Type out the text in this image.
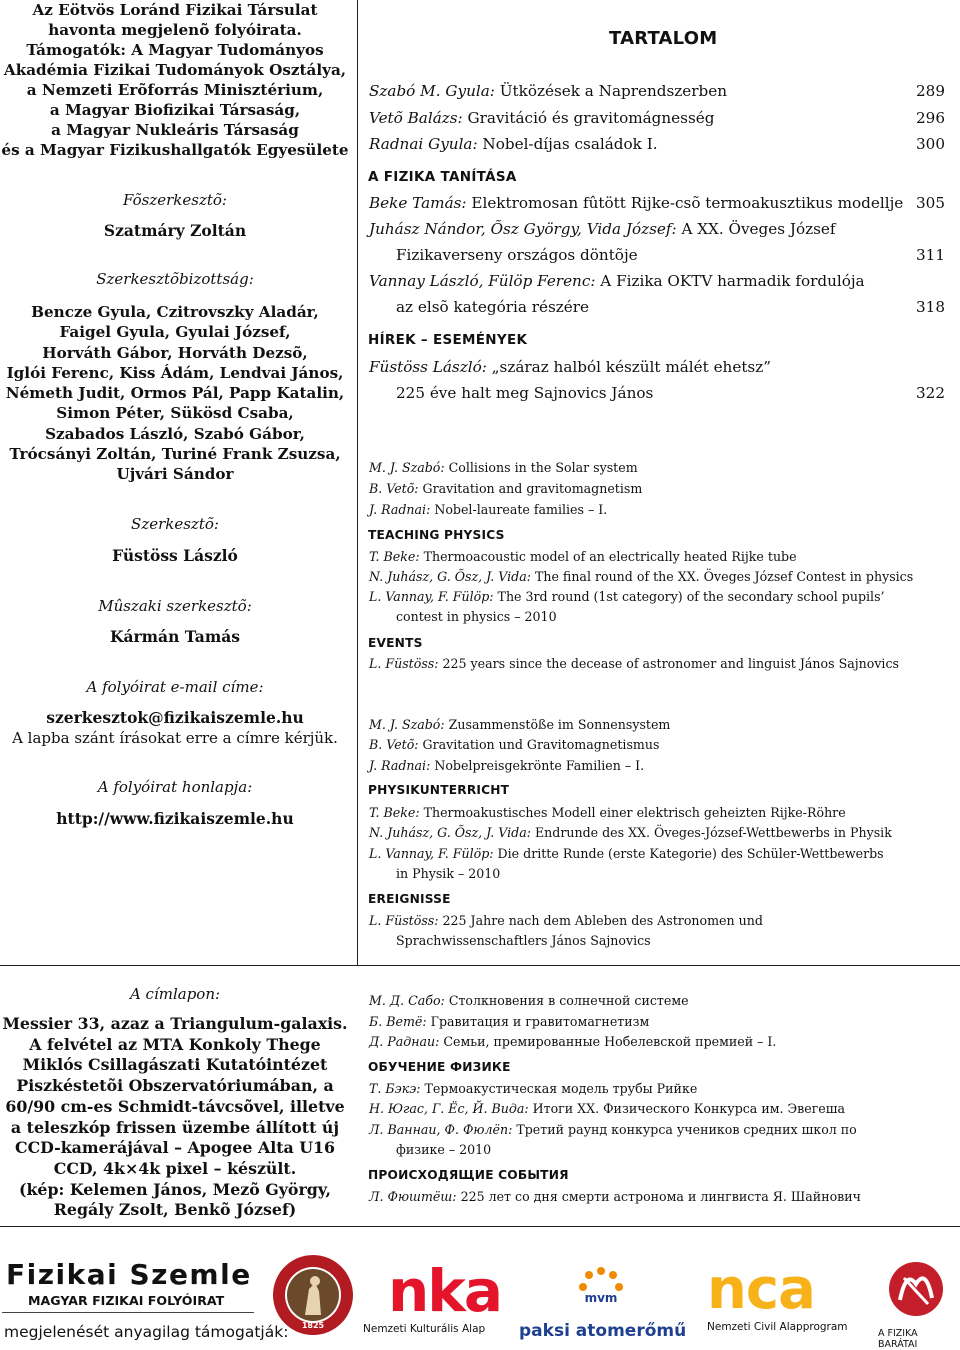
Az Eötvös Loránd Fizikai Társulat
havonta megjelenõ folyóirata.
Támogatók: A Magyar Tudományos
Akadémia Fizikai Tudományok Osztálya,
a Nemzeti Erõforrás Minisztérium,
a Magyar Biofizikai Társaság,
a Magyar Nukleáris Társaság
és a Magyar Fizikushallgatók Egyesülete
Fõszerkesztõ:
Szatmáry Zoltán
Szerkesztõbizottság:
Bencze Gyula, Czitrovszky Aladár,
Faigel Gyula, Gyulai József,
Horváth Gábor, Horváth Dezsõ,
Iglói Ferenc, Kiss Ádám, Lendvai János,
Németh Judit, Ormos Pál, Papp Katalin,
Simon Péter, Sükösd Csaba,
Szabados László, Szabó Gábor,
Trócsányi Zoltán, Turiné Frank Zsuzsa,
Ujvári Sándor
Szerkesztõ:
Füstöss László
Mûszaki szerkesztõ:
Kármán Tamás
A folyóirat e-mail címe:
szerkesztok@fizikaiszemle.hu
A lapba szánt írásokat erre a címre kérjük.
A folyóirat honlapja:
http://www.fizikaiszemle.hu
A címlapon:
Messier 33, azaz a Triangulum-galaxis.
A felvétel az MTA Konkoly Thege
Miklós Csillagászati Kutatóintézet
Piszkéstetõi Obszervatóriumában, a
60/90 cm-es Schmidt-távcsõvel, illetve
a teleszkóp frissen üzembe állított új
CCD-kamerájával – Apogee Alta U16
CCD, 4k×4k pixel – készült.
(kép: Kelemen János, Mezõ György,
Regály Zsolt, Benkõ József)
TARTALOM
Szabó M. Gyula: Ütközések a Naprendszerben	289
Vetõ Balázs: Gravitáció és gravitomágnesség	296
Radnai Gyula: Nobel-díjas családok I.	300
A FIZIKA TANÍTÁSA
Beke Tamás: Elektromosan fûtött Rijke-csõ termoakusztikus modellje 305
Juhász Nándor, Õsz György, Vida József: A XX. Öveges József
Fizikaverseny országos döntõje	311
Vannay László, Fülöp Ferenc: A Fizika OKTV harmadik fordulója
az elsõ kategória részére	318
HÍREK – ESEMÉNYEK
Füstöss László: „száraz halból készült málét ehetsz”
225 éve halt meg Sajnovics János	322
M. J. Szabó: Collisions in the Solar system
B. Vetõ: Gravitation and gravitomagnetism
J. Radnai: Nobel-laureate families – I.
TEACHING PHYSICS
T. Beke: Thermoacoustic model of an electrically heated Rijke tube
N. Juhász, G. Õsz, J. Vida: The final round of the XX. Öveges József Contest in physics
L. Vannay, F. Fülöp: The 3rd round (1st category) of the secondary school pupils’
contest in physics – 2010
EVENTS
L. Füstöss: 225 years since the decease of astronomer and linguist János Sajnovics
M. J. Szabó: Zusammenstöße im Sonnensystem
B. Vetõ: Gravitation und Gravitomagnetismus
J. Radnai: Nobelpreisgekrönte Familien – I.
PHYSIKUNTERRICHT
T. Beke: Thermoakustisches Modell einer elektrisch geheizten Rijke-Röhre
N. Juhász, G. Õsz, J. Vida: Endrunde des XX. Öveges-József-Wettbewerbs in Physik
L. Vannay, F. Fülöp: Die dritte Runde (erste Kategorie) des Schüler-Wettbewerbs
in Physik – 2010
EREIGNISSE
L. Füstöss: 225 Jahre nach dem Ableben des Astronomen und
Sprachwissenschaftlers János Sajnovics
М. Д. Сабо: Столкновения в солнечной системе
Б. Ветё: Гравитация и гравитомагнетизм
Д. Раднаи: Семьи, премированные Нобелевской премией – I.
ОБУЧЕНИЕ ФИЗИКЕ
Т. Бэкэ: Термоакустическая модель трубы Рийке
Н. Югас, Г. Ёс, Й. Вида: Итоги XX. Физического Конкурса им. Эвегеша
Л. Ваннаи, Ф. Фюлёп: Третий раунд конкурса учеников средних школ по
физике – 2010
ПРОИСХОДЯЩИЕ СОБЫТИЯ
Л. Фюштёш: 225 лет со дня смерти астронома и лингвиста Я. Шайнович
Fizikai Szemle
MAGYAR FIZIKAI FOLYÓIRAT
megjelenését anyagilag támogatják: 1825
nka
Nemzeti Kulturális Alap
mvm
paksi atomerőmű
nca
Nemzeti Civil Alapprogram
A FIZIKA BARÁTAI
